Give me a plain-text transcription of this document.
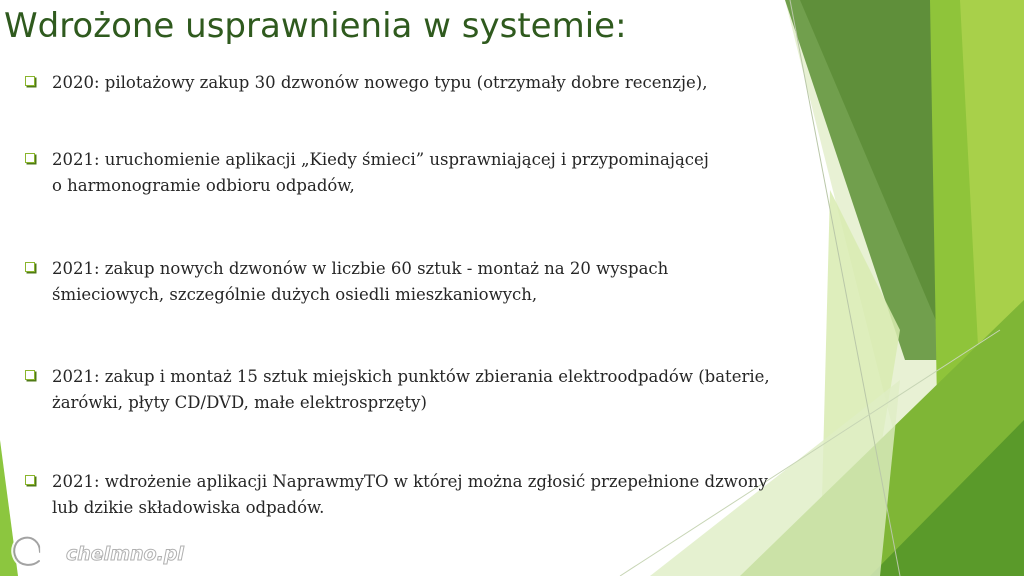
Wdrożone usprawnienia w systemie:
2020: pilotażowy zakup 30 dzwonów nowego typu (otrzymały dobre recenzje),
2021: uruchomienie aplikacji „Kiedy śmieci” usprawniającej i przypominającej
o harmonogramie odbioru odpadów,
2021: zakup nowych dzwonów w liczbie 60 sztuk - montaż na 20 wyspach
śmieciowych, szczególnie dużych osiedli mieszkaniowych,
2021: zakup i montaż 15 sztuk miejskich punktów zbierania elektroodpadów (baterie,
żarówki, płyty CD/DVD, małe elektrosprzęty)
2021: wdrożenie aplikacji NaprawmyTO w której można zgłosić przepełnione dzwony
lub dzikie składowiska odpadów.
chelmno.pl
